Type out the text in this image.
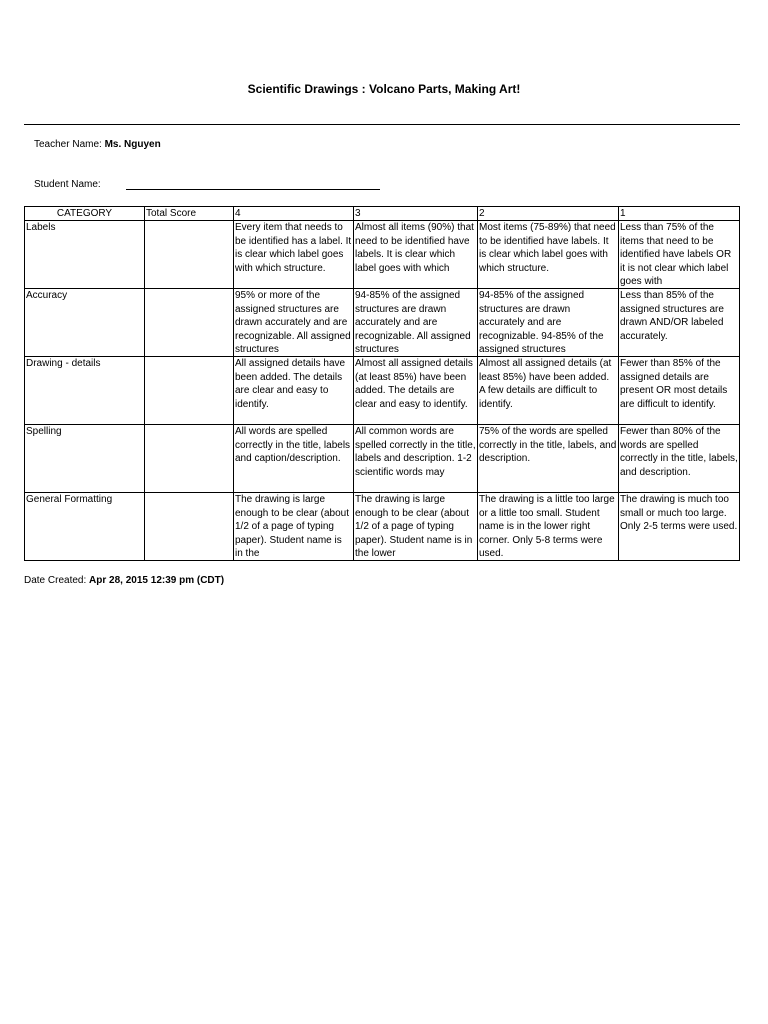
Scientific Drawings : Volcano Parts, Making Art!
Teacher Name: Ms. Nguyen
Student Name:
CATEGORY	Total Score	4	3	2	1

Labels		Every item that needs to be identified has a label. It is clear which label goes with which structure.	Almost all items (90%) that need to be identified have labels. It is clear which label goes with which	Most items (75-89%) that need to be identified have labels. It is clear which label goes with which structure.	Less than 75% of the items that need to be identified have labels OR it is not clear which label goes with

Accuracy		95% or more of the assigned structures are drawn accurately and are recognizable. All assigned structures	94-85% of the assigned structures are drawn accurately and are recognizable. All assigned structures	94-85% of the assigned structures are drawn accurately and are recognizable. 94-85% of the assigned structures	Less than 85% of the assigned structures are drawn AND/OR labeled accurately.

Drawing - details		All assigned details have been added. The details are clear and easy to identify.	Almost all assigned details (at least 85%) have been added. The details are clear and easy to identify.	Almost all assigned details (at least 85%) have been added. A few details are difficult to identify.	Fewer than 85% of the assigned details are present OR most details are difficult to identify.

Spelling		All words are spelled correctly in the title, labels and caption/description.	All common words are spelled correctly in the title, labels and description. 1-2 scientific words may	75% of the words are spelled correctly in the title, labels, and description.	Fewer than 80% of the words are spelled correctly in the title, labels, and description.

General Formatting		The drawing is large enough to be clear (about 1/2 of a page of typing paper). Student name is in the	The drawing is large enough to be clear (about 1/2 of a page of typing paper). Student name is in the lower	The drawing is a little too large or a little too small. Student name is in the lower right corner. Only 5-8 terms were used.	The drawing is much too small or much too large. Only 2-5 terms were used.
Date Created: Apr 28, 2015 12:39 pm (CDT)
